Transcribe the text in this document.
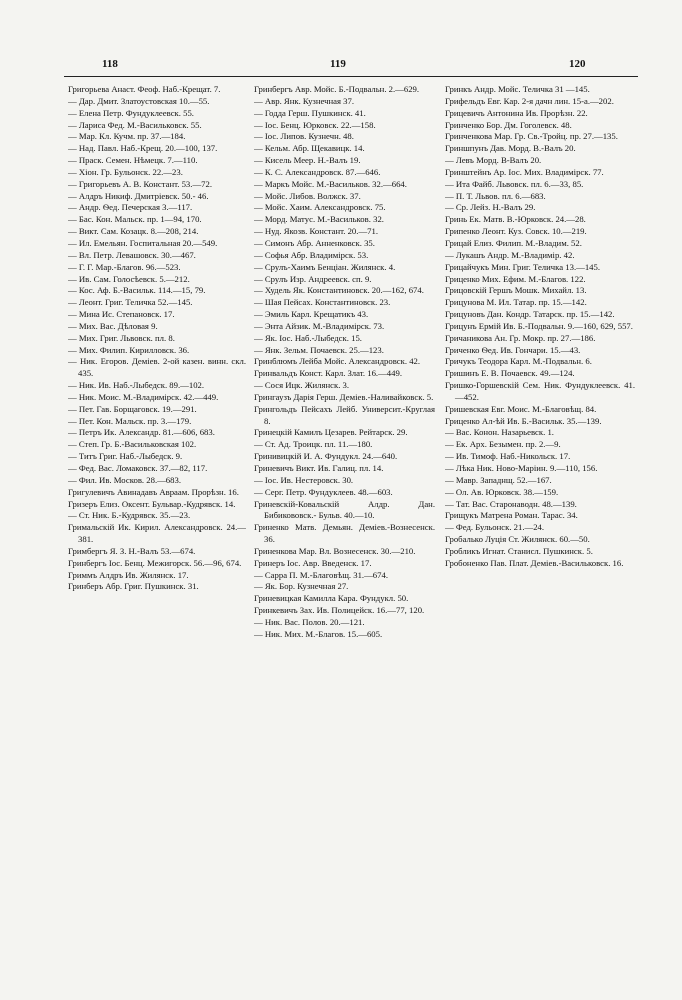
118	119	120
Григорьева Анаст. Феоф. Наб.-Крещат. 7.
— Дар. Дмит. Златоустовская 10.—55.
— Елена Петр. Фундуклеевск. 55.
— Лариса Фед. М.-Васильковск. 55.
— Мар. Кл. Кучм. пр. 37.—184.
— Над. Павл. Наб.-Крещ. 20.—100, 137.
— Праск. Семен. Нѣмецк. 7.—110.
— Хіон. Гр. Бульонск. 22.—23.
— Григорьевъ А. В. Констант. 53.—72.
— Алдръ Никиф. Дмитріевск. 50.- 46.
— Андр. Ѳед. Печерская 3.—117.
— Бас. Кон. Мальск. пр. 1—94, 170.
— Викт. Сам. Козацк. 8.—208, 214.
— Ил. Емельян. Госпитальная 20.—549.
— Вл. Петр. Левашовск. 30.—467.
— Г. Г. Мар.-Благов. 96.—523.
— Ив. Сам. Голосѣевск. 5.—212.
— Кос. Аф. Б.-Васильк. 114.—15, 79.
— Леонт. Григ. Теличка 52.—145.
— Мина Ис. Степановск. 17.
— Мих. Вас. Дѣловая 9.
— Мих. Григ. Львовск. пл. 8.
— Мих. Филип. Кирилловск. 36.
— Ник. Егоров. Деміев. 2-ой казен. винн. скл. 435.
— Ник. Ив. Наб.-Лыбедск. 89.—102.
— Ник. Моис. М.-Владимірск. 42.—449.
— Пет. Гав. Борщаговск. 19.—291.
— Пет. Кон. Мальск. пр. 3.—179.
— Петръ Ик. Александр. 81.—606, 683.
— Степ. Гр. Б.-Васильковская 102.
— Титъ Григ. Наб.-Лыбедск. 9.
— Фед. Вас. Ломаковск. 37.—82, 117.
— Фил. Ив. Москов. 28.—683.
Григулевичъ Авинадавъ Авраам. Прорѣзн. 16.
Гризеръ Елиз. Оксент. Бульвар.-Кудрявск. 14.
— Ст. Ник. Б.-Кудрявск. 35.—23.
Гримальскій Ик. Кирил. Александровск. 24.—381.
Гримбергъ Я. З. Н.-Валъ 53.—674.
Гринбергъ Іос. Бенц. Межигорск. 56.—96, 674.
Гриммъ Алдръ Ив. Жилянск. 17.
Гринберъ Абр. Григ. Пушкинск. 31.
Гринбергъ Авр. Мойс. Б.-Подвальн. 2.—629.
— Авр. Янк. Кузнечная 37.
— Годда Герш. Пушкинск. 41.
— Іос. Бенц. Юрковск. 22.—158.
— Іос. Липов. Кузнечн. 48.
— Кельм. Абр. Щекавицк. 14.
— Кисель Меер. Н.-Валъ 19.
— К. С. Александровск. 87.—646.
— Маркъ Мойс. М.-Васильков. 32.—664.
— Мойс. Либов. Волжск. 37.
— Мойс. Хаим. Александровск. 75.
— Морд. Матус. М.-Васильков. 32.
— Нуд. Якозв. Констант. 20.—71.
— Симонъ Абр. Анненковск. 35.
— Софья Абр. Владимірск. 53.
— Срулъ-Хаимъ Бенціан. Жилянск. 4.
— Срулъ Изр. Андреевск. сп. 9.
— Худель Як. Константиновск. 20.—162, 674.
— Шая Пейсах. Константиновск. 23.
— Эмиль Карл. Крещатикъ 43.
— Энта Айзик. М.-Владимірск. 73.
— Як. Іос. Наб.-Лыбедск. 15.
— Янк. Зельм. Почаевск. 25.—123.
Гринблюмъ Лейба Мойс. Александровск. 42.
Гринвальдъ Конст. Карл. Злат. 16.—449.
— Сося Ицк. Жилянск. 3.
Грингаузъ Дарія Герш. Деміев.-Наливайковск. 5.
Грингольдъ Пейсахъ Лейб. Университ.-Круглая 8.
Гринецкій Камилъ Цезарев. Рейтарск. 29.
— Ст. Ад. Троицк. пл. 11.—180.
Гринивицкій И. А. Фундукл. 24.—640.
Гриневичъ Викт. Ив. Галиц. пл. 14.
— Іос. Ив. Нестеровск. 30.
— Серг. Петр. Фундуклеев. 48.—603.
Гриневскій-Ковальскій Алдр. Дан. Бибикововск.- Бульв. 40.—10.
Гриненко Матв. Демьян. Деміев.-Вознесенск. 36.
Гриненкова Мар. Вл. Вознесенск. 30.—210.
Гринеръ Іос. Авр. Введенск. 17.
— Сарра П. М.-Благовѣщ. 31.—674.
— Як. Бор. Кузнечная 27.
Гриневицкая Камилла Кара. Фундукл. 50.
Гринкевичъ Зах. Ив. Полицейск. 16.—77, 120.
— Ник. Вас. Полов. 20.—121.
— Ник. Мих. М.-Благов. 15.—605.
Гринкъ Андр. Мойс. Теличка 31 —145.
Грифельдъ Евг. Кар. 2-я дачн лин. 15-а.—202.
Грицевичъ Антонина Ив. Прорѣзн. 22.
Гринченко Бор. Дм. Гоголевск. 48.
Гринченкова Мар. Гр. Св.-Тройц. пр. 27.—135.
Гриншпунъ Дав. Морд. В.-Валъ 20.
— Левъ Морд. В-Валъ 20.
Гринштейнъ Ар. Іос. Мих. Владимірск. 77.
— Ита Файб. Львовск. пл. 6.—33, 85.
— П. Т. Львов. пл. 6.—683.
— Ср. Лейз. Н.-Валъ 29.
Гринь Ек. Матв. В.-Юрковск. 24.—28.
Грипенко Леонт. Куз. Совск. 10.—219.
Грицай Елиз. Филип. М.-Владим. 52.
— Лукашъ Андр. М.-Владимір. 42.
Грицайчукъ Мин. Григ. Теличка 13.—145.
Гриценко Мих. Ефим. М.-Благов. 122.
Грицовскій Гершъ Мошк. Михайл. 13.
Грицунова М. Ил. Татар. пр. 15.—142.
Грицуновъ Дан. Кондр. Татарск. пр. 15.—142.
Грицунъ Ермій Ив. Б.-Подвальн. 9.—160, 629, 557.
Гричаникова Ан. Гр. Мокр. пр. 27.—186.
Гриченко Ѳед. Ив. Гончари. 15.—43.
Гричукъ Теодора Карл. М.-Подвальн. 6.
Гришинъ Е. В. Почаевск. 49.—124.
Гришко-Горшевскій Сем. Ник. Фундуклеевск. 41.—452.
Гришевская Евг. Моис. М.-Благовѣщ. 84.
Гриценко Ал-ѣй Ив. Б.-Васильк. 35.—139.
— Вас. Конон. Назарьевск. 1.
— Ек. Арх. Безымен. пр. 2.—9.
— Ив. Тимоф. Наб.-Никольск. 17.
— Лѣка Ник. Ново-Маріин. 9.—110, 156.
— Мавр. Западнщ. 52.—167.
— Ол. Ав. Юрковск. 38.—159.
— Тат. Вас. Старонаводн. 48.—139.
Грищукъ Матрена Роман. Тарас. 34.
— Фед. Бульонск. 21.—24.
Гробалько Луція Ст. Жилянск. 60.—50.
Гробликъ Игнат. Станисл. Пушкинск. 5.
Гробоненко Пав. Плат. Деміев.-Васильковск. 16.
